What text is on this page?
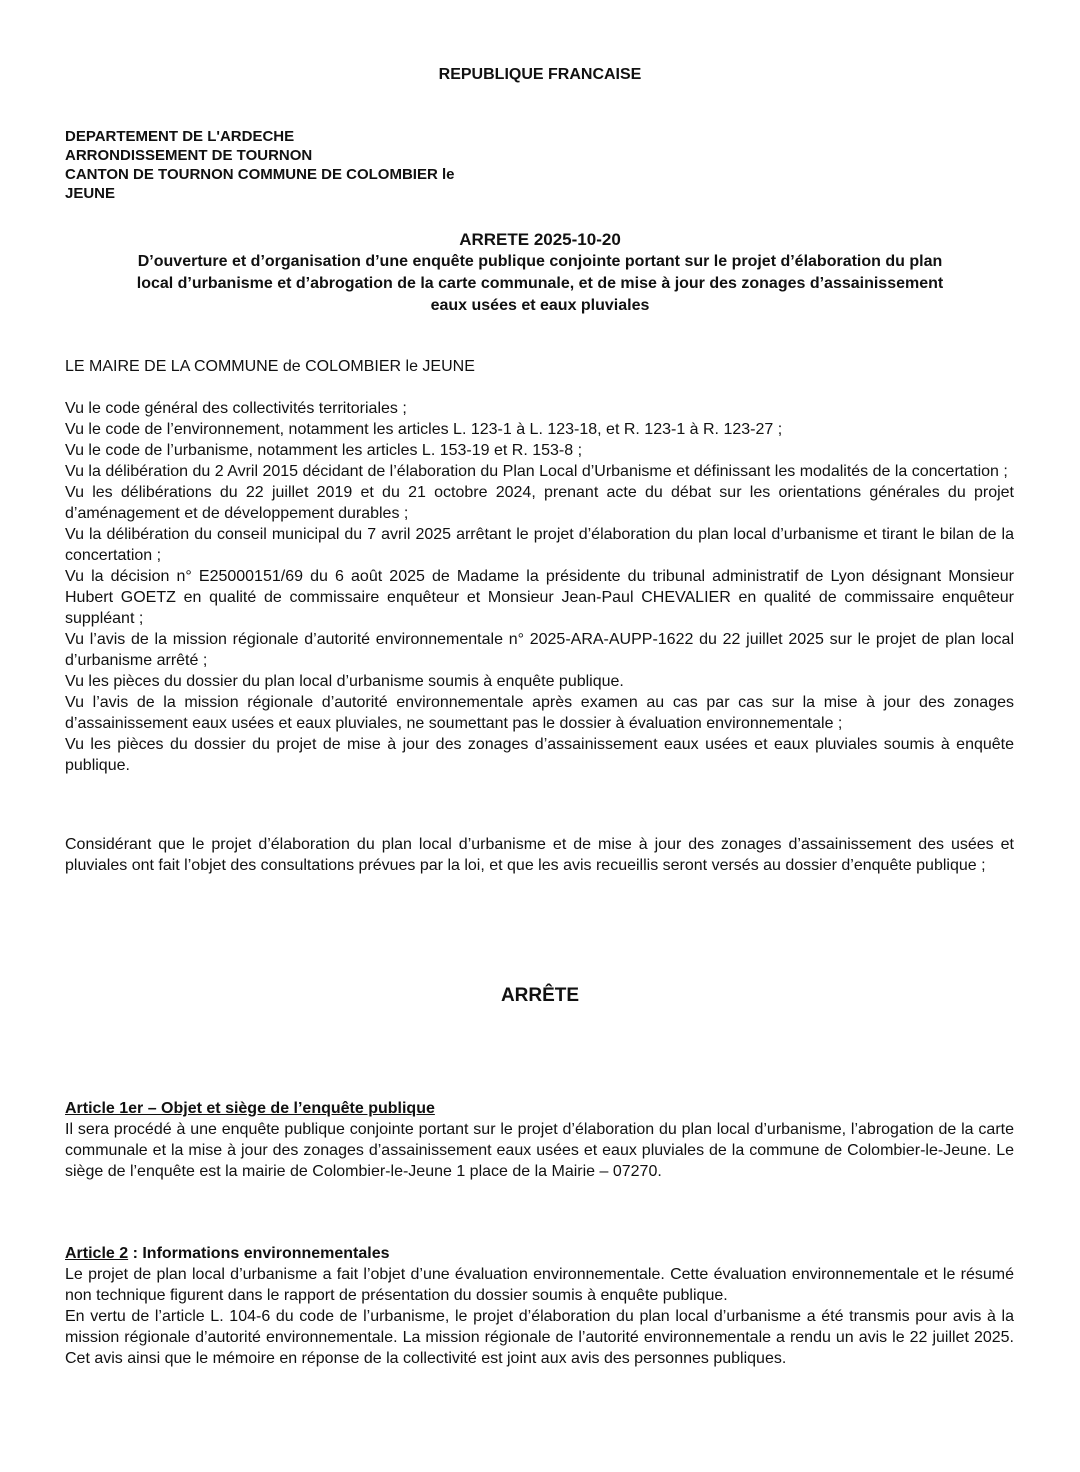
REPUBLIQUE FRANCAISE
DEPARTEMENT DE L'ARDECHE
ARRONDISSEMENT DE TOURNON
CANTON DE TOURNON COMMUNE DE COLOMBIER le
JEUNE
ARRETE 2025-10-20
D’ouverture et d’organisation d’une enquête publique conjointe portant sur le projet d’élaboration du plan
local d’urbanisme et d’abrogation de la carte communale, et de mise à jour des zonages d’assainissement
eaux usées et eaux pluviales
LE MAIRE DE LA COMMUNE de COLOMBIER le JEUNE

Vu le code général des collectivités territoriales ;

Vu le code de l’environnement, notamment les articles L. 123-1 à L. 123-18, et R. 123-1 à R. 123-27 ;

Vu le code de l’urbanisme, notamment les articles L. 153-19 et R. 153-8 ;

Vu la délibération du 2 Avril 2015 décidant de l’élaboration du Plan Local d’Urbanisme et définissant les modalités de la concertation ;

Vu les délibérations du 22 juillet 2019 et du 21 octobre 2024, prenant acte du débat sur les orientations générales du projet d’aménagement et de développement durables ;

Vu la délibération du conseil municipal du 7 avril 2025 arrêtant le projet d’élaboration du plan local d’urbanisme et tirant le bilan de la concertation ;

Vu la décision n° E25000151/69 du 6 août 2025 de Madame la présidente du tribunal administratif de Lyon désignant Monsieur Hubert GOETZ en qualité de commissaire enquêteur et Monsieur Jean-Paul CHEVALIER en qualité de commissaire enquêteur suppléant ;

Vu l’avis de la mission régionale d’autorité environnementale n° 2025-ARA-AUPP-1622 du 22 juillet 2025 sur le projet de plan local d’urbanisme arrêté ;

Vu les pièces du dossier du plan local d’urbanisme soumis à enquête publique.

Vu l’avis de la mission régionale d’autorité environnementale après examen au cas par cas sur la mise à jour des zonages d’assainissement eaux usées et eaux pluviales, ne soumettant pas le dossier à évaluation environnementale ;

Vu les pièces du dossier du projet de mise à jour des zonages d’assainissement eaux usées et eaux pluviales soumis à enquête publique.

Considérant que le projet d’élaboration du plan local d’urbanisme et de mise à jour des zonages d’assainissement des usées et pluviales ont fait l’objet des consultations prévues par la loi, et que les avis recueillis seront versés au dossier d’enquête publique ;
ARRÊTE

Article 1er – Objet et siège de l’enquête publique

Il sera procédé à une enquête publique conjointe portant sur le projet d’élaboration du plan local d’urbanisme, l’abrogation de la carte communale et la mise à jour des zonages d’assainissement eaux usées et eaux pluviales de la commune de Colombier-le-Jeune. Le siège de l’enquête est la mairie de Colombier-le-Jeune 1 place de la Mairie – 07270.

Article 2 : Informations environnementales

Le projet de plan local d’urbanisme a fait l’objet d’une évaluation environnementale. Cette évaluation environnementale et le résumé non technique figurent dans le rapport de présentation du dossier soumis à enquête publique.

En vertu de l’article L. 104-6 du code de l’urbanisme, le projet d’élaboration du plan local d’urbanisme a été transmis pour avis à la mission régionale d’autorité environnementale. La mission régionale de l’autorité environnementale a rendu un avis le 22 juillet 2025. Cet avis ainsi que le mémoire en réponse de la collectivité est joint aux avis des personnes publiques.
